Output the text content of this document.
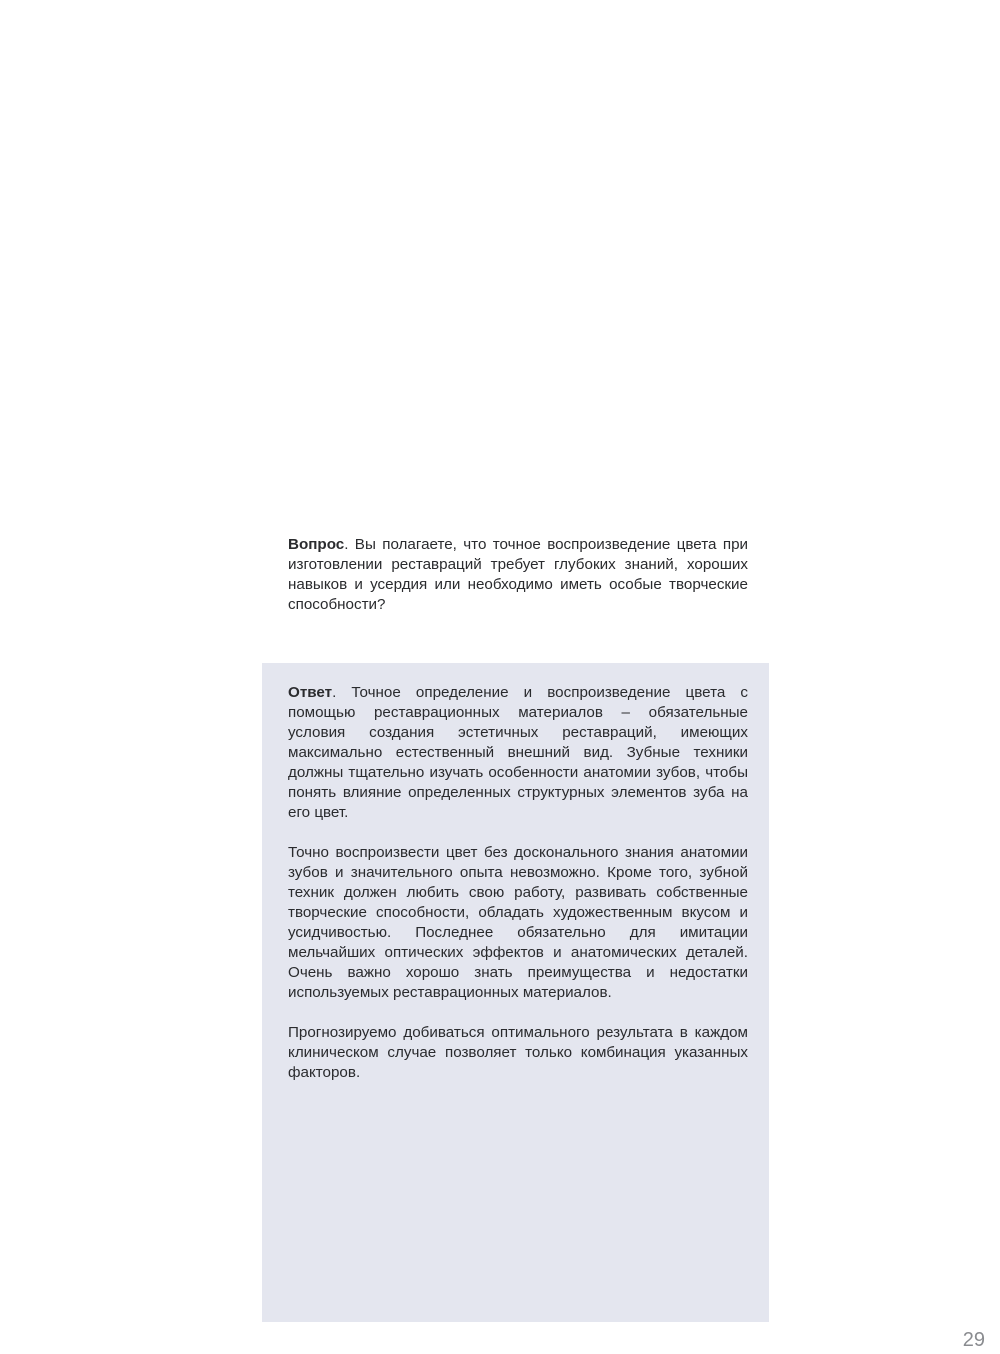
Вопрос. Вы полагаете, что точное воспроизведение цвета при изготовлении реставраций требует глубоких знаний, хороших навыков и усердия или необходимо иметь особые творческие способности?

Ответ. Точное определение и воспроизведение цвета с помощью реставрационных материалов – обязательные условия создания эстетичных реставраций, имеющих максимально естественный внешний вид. Зубные техники должны тщательно изучать особенности анатомии зубов, чтобы понять влияние определенных структурных элементов зуба на его цвет.

Точно воспроизвести цвет без досконального знания анатомии зубов и значительного опыта невозможно. Кроме того, зубной техник должен любить свою работу, развивать собственные творческие способности, обладать художественным вкусом и усидчивостью. Последнее обязательно для имитации мельчайших оптических эффектов и анатомических деталей. Очень важно хорошо знать преимущества и недостатки используемых реставрационных материалов.

Прогнозируемо добиваться оптимального результата в каждом клиническом случае позволяет только комбинация указанных факторов.

29
